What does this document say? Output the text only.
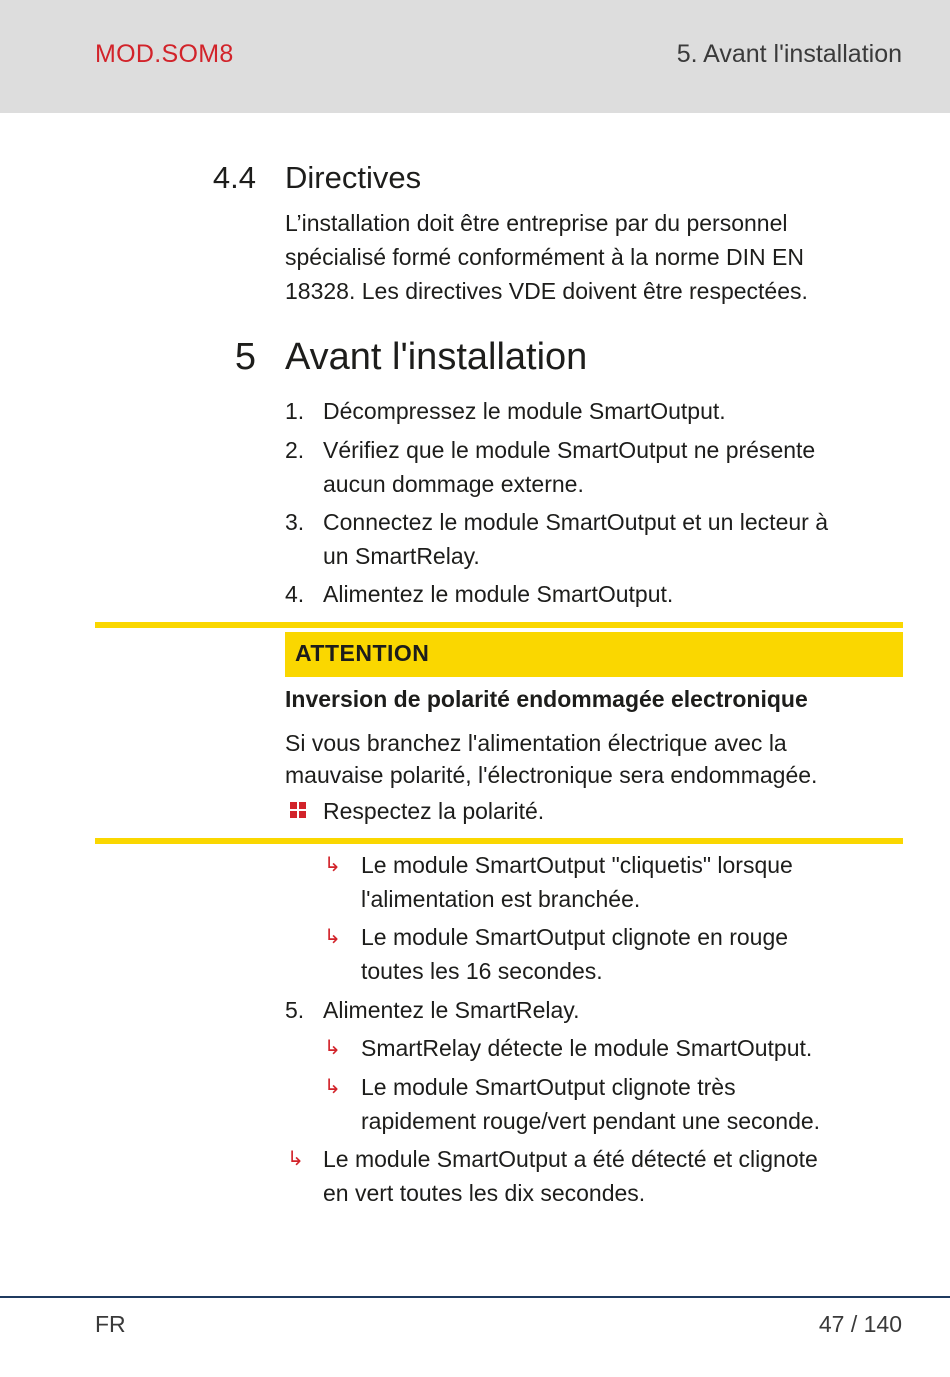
MOD.SOM8	5. Avant l'installation
4.4 Directives
L’installation doit être entreprise par du personnel
spécialisé formé conformément à la norme DIN EN
18328. Les directives VDE doivent être respectées.
5 Avant l'installation
1. Décompressez le module SmartOutput.
2. Vérifiez que le module SmartOutput ne présente
aucun dommage externe.
3. Connectez le module SmartOutput et un lecteur à
un SmartRelay.
4. Alimentez le module SmartOutput.
ATTENTION
Inversion de polarité endommagée electronique
Si vous branchez l'alimentation électrique avec la
mauvaise polarité, l'électronique sera endommagée.
Respectez la polarité.
↳ Le module SmartOutput "cliquetis" lorsque
l'alimentation est branchée.
↳ Le module SmartOutput clignote en rouge
toutes les 16 secondes.
5. Alimentez le SmartRelay.
↳ SmartRelay détecte le module SmartOutput.
↳ Le module SmartOutput clignote très
rapidement rouge/vert pendant une seconde.
↳ Le module SmartOutput a été détecté et clignote
en vert toutes les dix secondes.
FR	47 / 140
